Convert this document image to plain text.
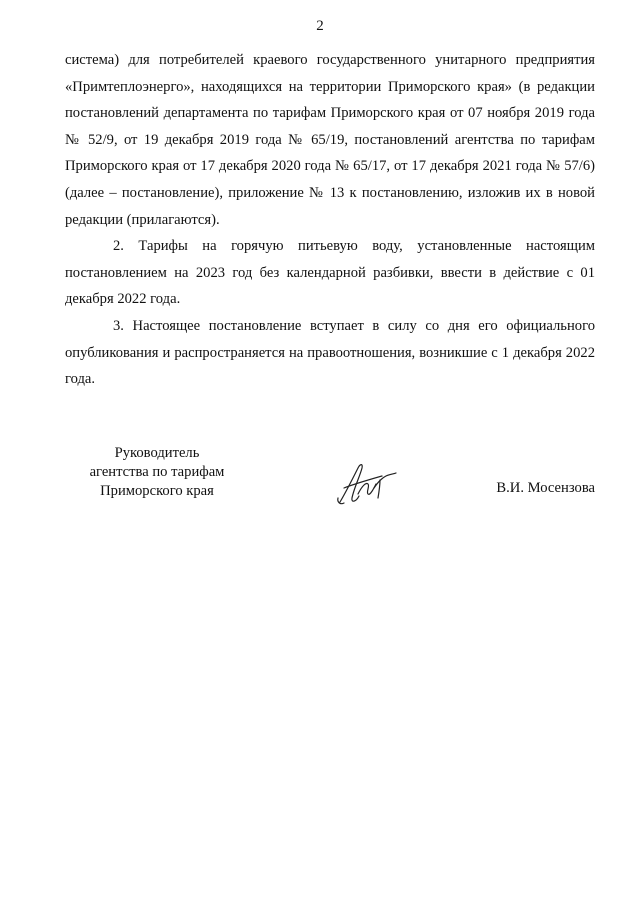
2

система) для потребителей краевого государственного унитарного предприятия «Примтеплоэнерго», находящихся на территории Приморского края» (в редакции постановлений департамента по тарифам Приморского края от 07 ноября 2019 года № 52/9, от 19 декабря 2019 года № 65/19, постановлений агентства по тарифам Приморского края от 17 декабря 2020 года № 65/17, от 17 декабря 2021 года № 57/6) (далее – постановление), приложение № 13 к постановлению, изложив их в новой редакции (прилагаются).

2. Тарифы на горячую питьевую воду, установленные настоящим постановлением на 2023 год без календарной разбивки, ввести в действие с 01 декабря 2022 года.

3. Настоящее постановление вступает в силу со дня его официального опубликования и распространяется на правоотношения, возникшие с 1 декабря 2022 года.

Руководитель
агентства по тарифам
Приморского края	В.И. Мосензова
